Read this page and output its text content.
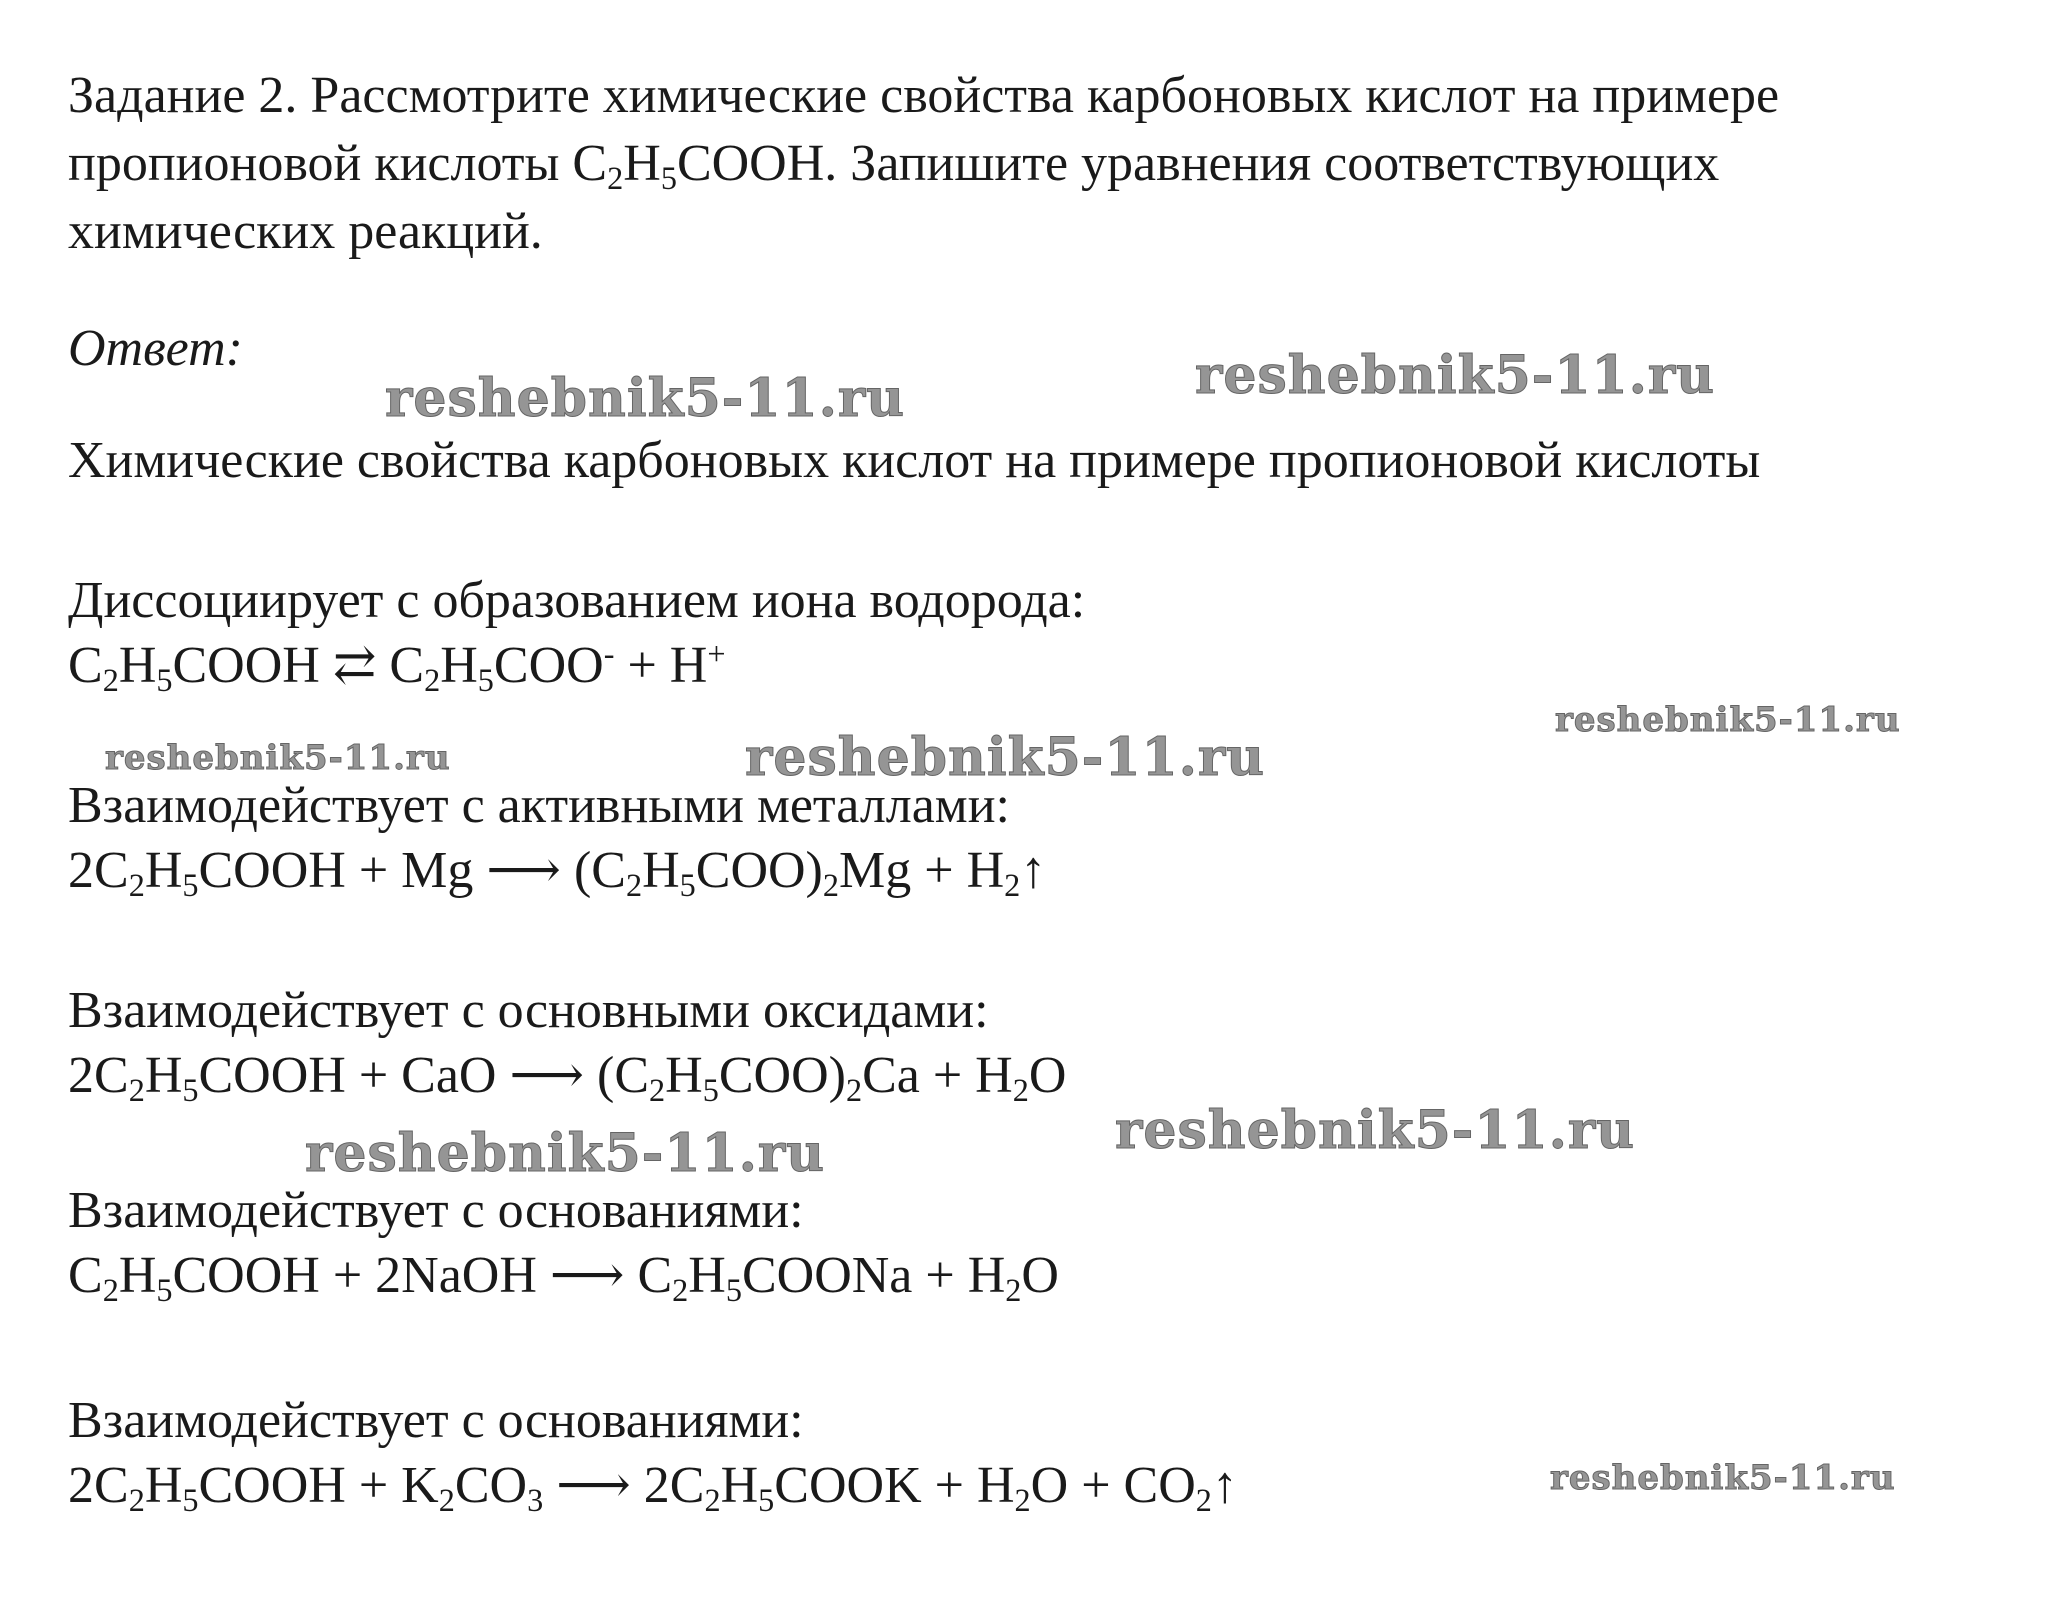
Задание 2. Рассмотрите химические свойства карбоновых кислот на примере

пропионовой кислоты $C_2H_5COOH$. Запишите уравнения соответствующих

химических реакций.

Ответ:
Химические свойства карбоновых кислот на примере пропионовой кислоты
Диссоциирует с образованием иона водорода:
$C_2H_5COOH$ ⇄ $C_2H_5COO^- + H^+$
Взаимодействует с активными металлами:
$2C_2H_5COOH + Mg$ ⟶ $(C_2H_5COO)_2Mg$ + $H_2↑$
Взаимодействует с основными оксидами:
$2C_2H_5COOH$ + CaO ⟶ $(C_2H_5COO)_2Ca + H_2O$
Взаимодействует с основаниями:
$C_2H_5COOH$ + 2NaOH ⟶ $C_2H_5COONa + H_2O$
Взаимодействует с основаниями:
$2C_2H_5COOH + K_2CO_3$ ⟶ $2C_2H_5COOK + H_2O$ + $CO_2↑$
reshebnik5-11.ru	reshebnik5-11.ru
reshebnik5-11.ru
reshebnik5-11.ru	reshebnik5-11.ru
reshebnik5-11.ru
reshebnik5-11.ru
reshebnik5-11.ru
